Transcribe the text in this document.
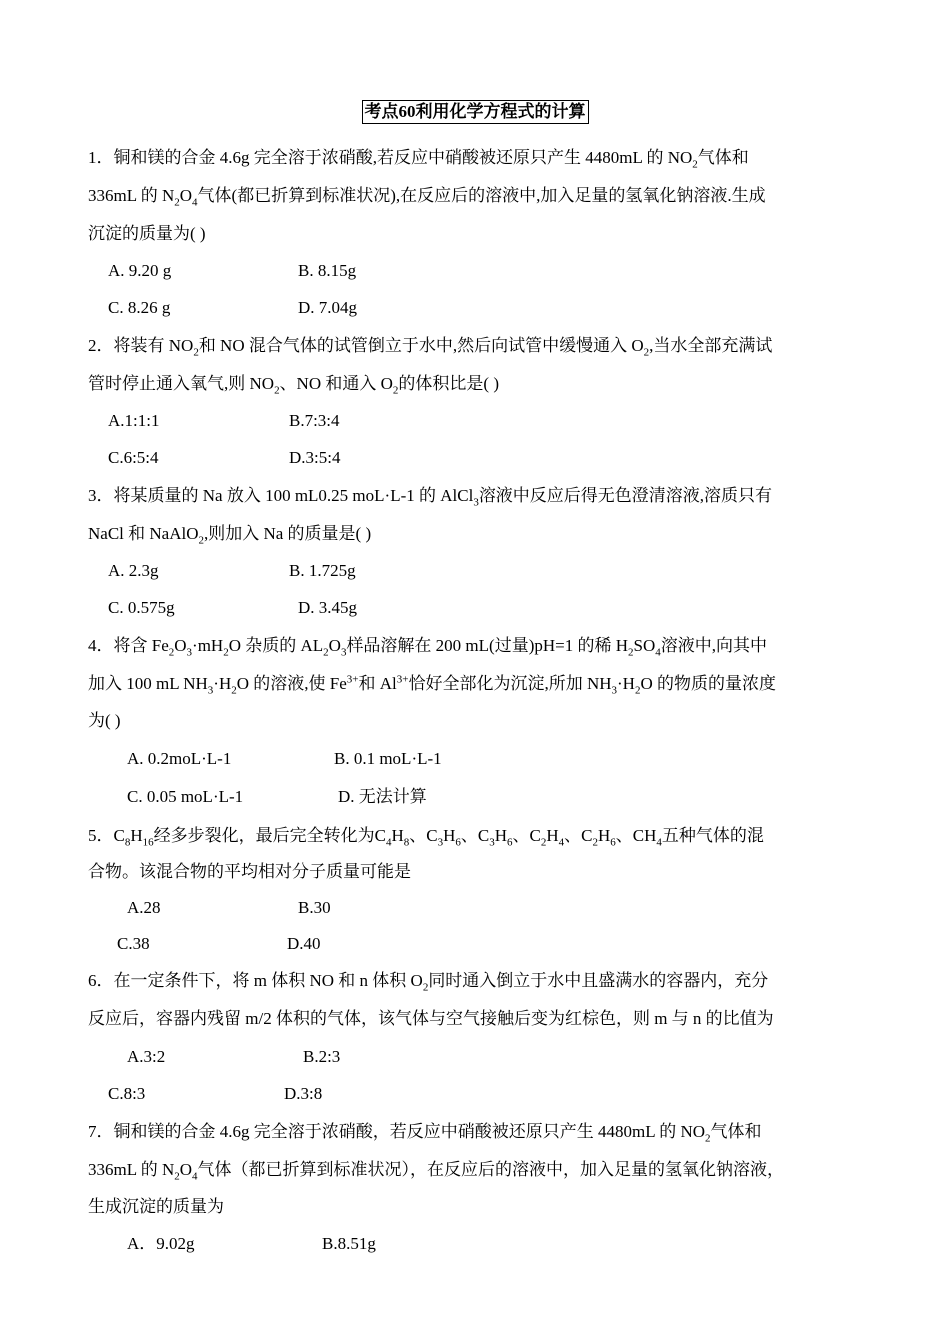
考点60利用化学方程式的计算
1．铜和镁的合金 4.6g 完全溶于浓硝酸,若反应中硝酸被还原只产生 4480mL 的 $NO_2$气体和
336mL 的 $N_2O_4$气体(都已折算到标准状况),在反应后的溶液中,加入足量的氢氧化钠溶液.生成
沉淀的质量为( )
A. 9.20 g	B. 8.15g
C. 8.26 g	D. 7.04g
2．将装有 $NO_2$和 NO 混合气体的试管倒立于水中,然后向试管中缓慢通入 $O_2$,当水全部充满试
管时停止通入氧气,则 $NO_2$、NO 和通入 $O_2$的体积比是( )
A.1:1:1	B.7:3:4
C.6:5:4	D.3:5:4
3．将某质量的 Na 放入 100 mL0.25 moL·L-1 的 AlCl$_3$溶液中反应后得无色澄清溶液,溶质只有
NaCl 和 NaAlO$_2$,则加入 Na 的质量是( )
A. 2.3g	B. 1.725g
C. 0.575g	D. 3.45g
4．将含 $Fe_2O_3\cdot mH_2O$ 杂质的 $AL_2O_3$样品溶解在 200 mL(过量)pH=1 的稀 $H_2SO_4$溶液中,向其中
加入 100 mL $NH_3\cdot H_2O$ 的溶液,使 $Fe^{3+}$和 $Al^{3+}$恰好全部化为沉淀,所加 $NH_3\cdot H_2O$ 的物质的量浓度
为( )
A. 0.2moL·L-1	B. 0.1 moL·L-1
C. 0.05 moL·L-1	D. 无法计算
5．$C_8H_{16}$经多步裂化，最后完全转化为$C_4H_8$、$C_3H_6$、$C_3H_6$、$C_2H_4$、$C_2H_6$、$CH_4$五种气体的混
合物。该混合物的平均相对分子质量可能是
A.28	B.30
C.38	D.40
6．在一定条件下，将 m 体积 NO 和 n 体积 $O_2$同时通入倒立于水中且盛满水的容器内，充分
反应后，容器内残留 m/2 体积的气体，该气体与空气接触后变为红棕色，则 m 与 n 的比值为
A.3:2	B.2:3
C.8:3	D.3:8
7．铜和镁的合金 4.6g 完全溶于浓硝酸，若反应中硝酸被还原只产生 4480mL 的 $NO_2$气体和
336mL 的 $N_2O_4$气体（都已折算到标准状况），在反应后的溶液中，加入足量的氢氧化钠溶液，
生成沉淀的质量为
A．9.02g	B.8.51g
